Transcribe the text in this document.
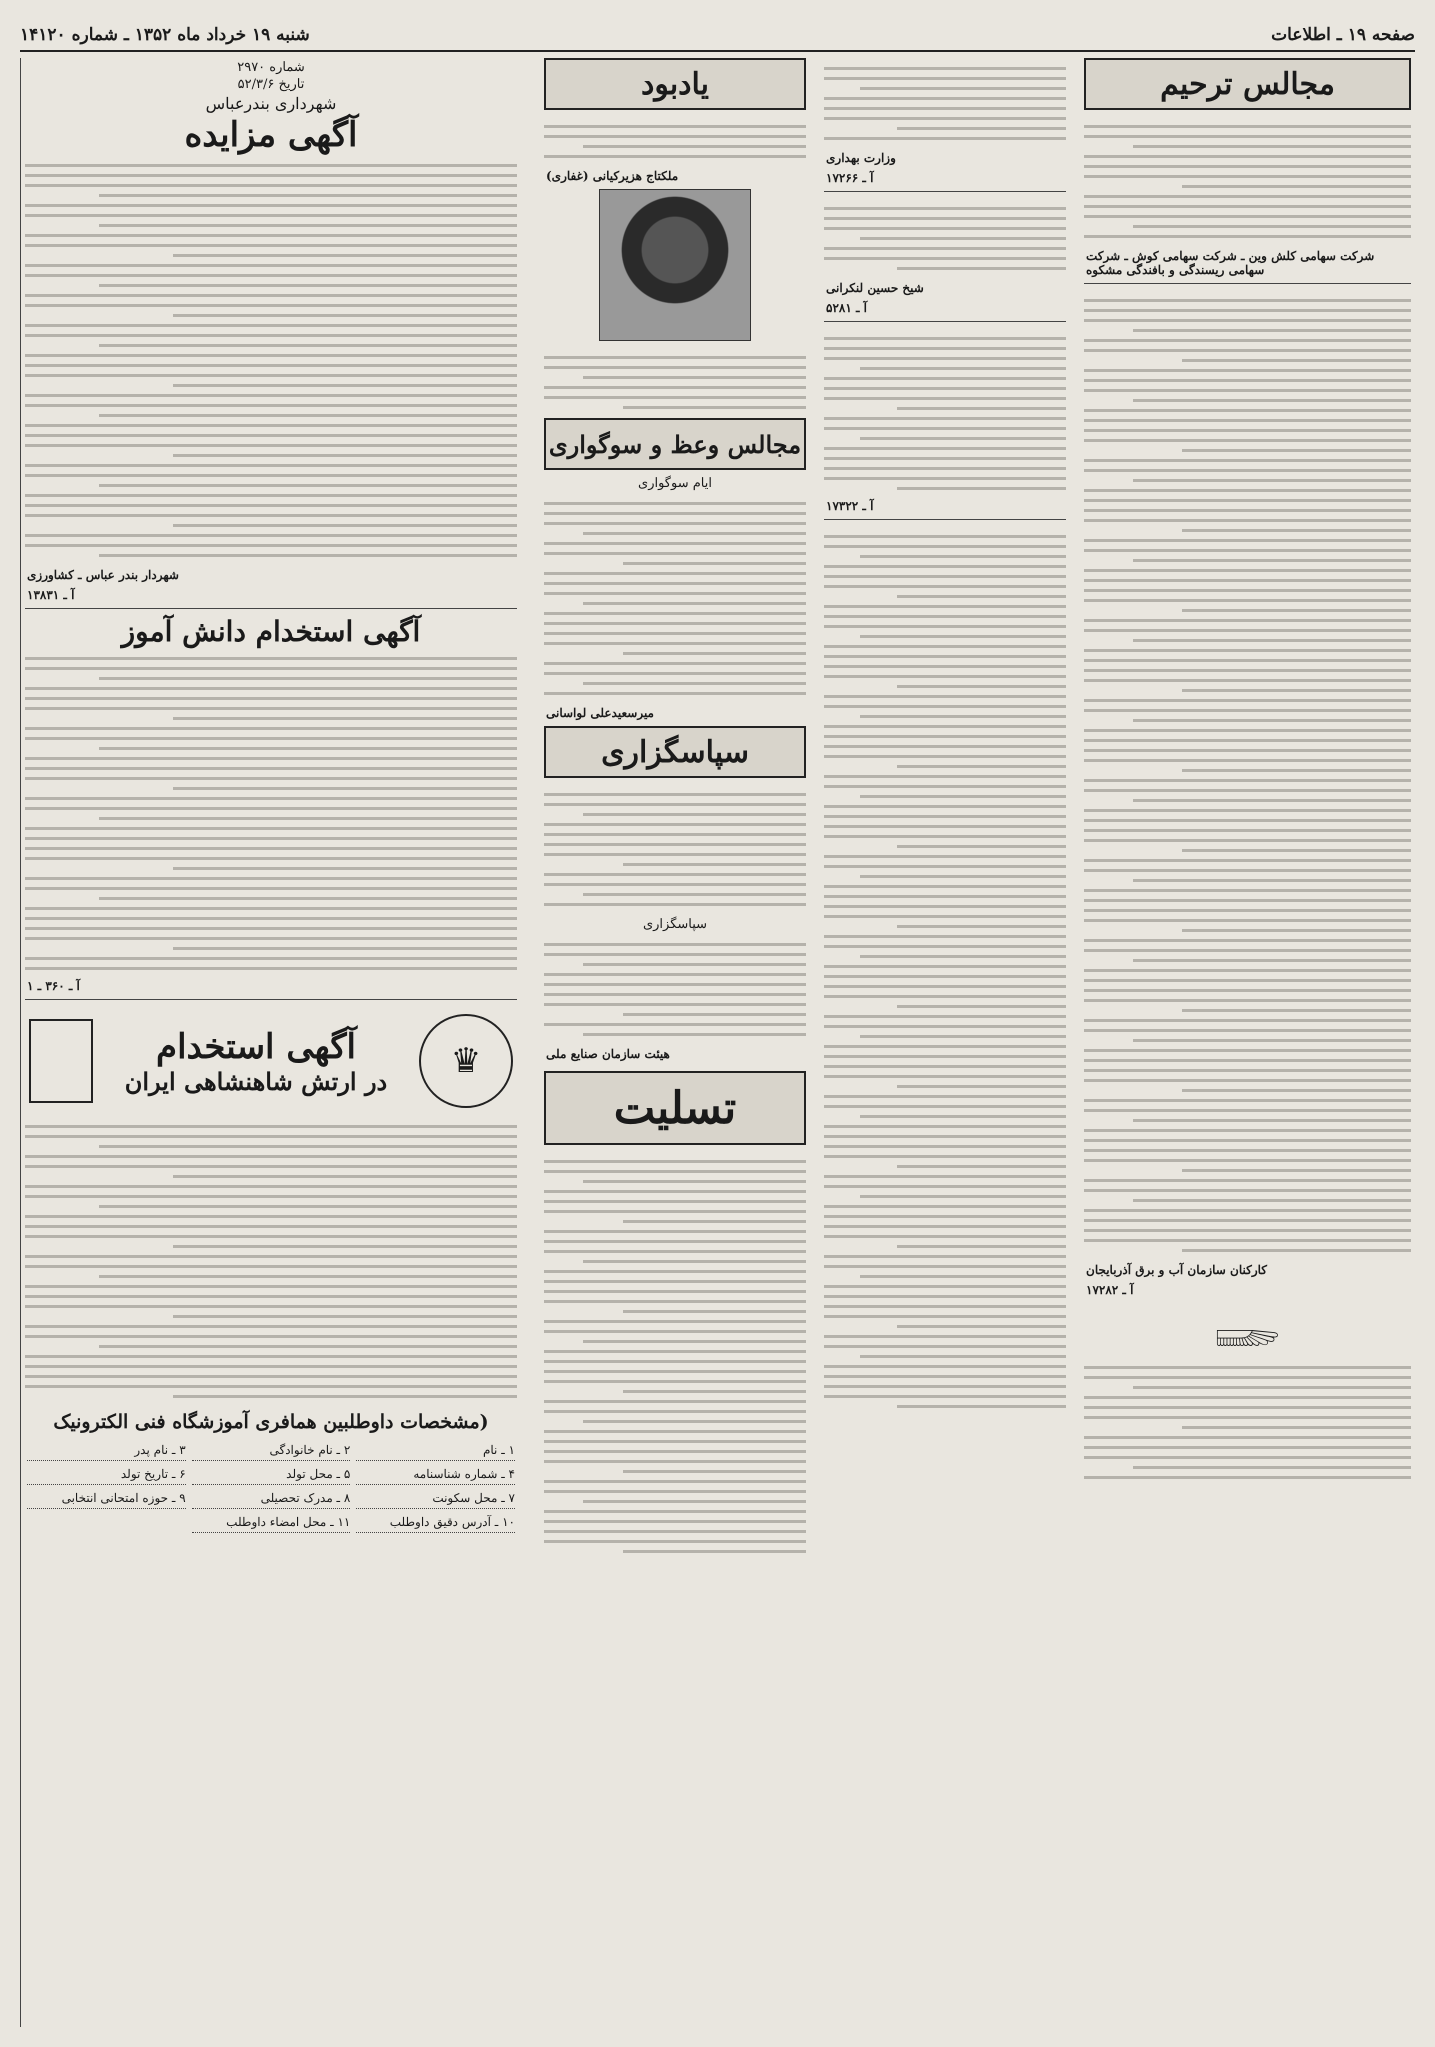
صفحه ۱۹ ـ اطلاعات
شنبه ۱۹ خرداد ماه ۱۳۵۲ ـ شماره ۱۴۱۲۰
شماره ۲۹۷۰
تاریخ ۵۲/۳/۶
شهرداری بندرعباس
آگهی مزایده
شهردار بندر عباس ـ کشاورزی
آ ـ ۱۳۸۳۱
آگهی استخدام دانش آموز
آ ـ ۳۶۰ ـ ۱
♛
آگهی استخدام
در ارتش شاهنشاهی ایران
(مشخصات داوطلبین همافری آموزشگاه فنی الکترونیک
۱ ـ نام
۲ ـ نام خانوادگی
۳ ـ نام پدر
۴ ـ شماره شناسنامه
۵ ـ محل تولد
۶ ـ تاریخ تولد
۷ ـ محل سکونت
۸ ـ مدرک تحصیلی
۹ ـ حوزه امتحانی انتخابی
۱۰ ـ آدرس دقیق داوطلب
۱۱ ـ محل امضاء داوطلب
یادبود
ملکتاج هزیرکیانی (غفاری)
مجالس وعظ و سوگواری
ایام سوگواری
میرسعیدعلی لواسانی
سپاسگزاری
سپاسگزاری
هیئت سازمان صنایع ملی
تسلیت
وزارت بهداری
آ ـ ۱۷۲۶۶
شیخ حسین لنکرانی
آ ـ ۵۲۸۱
آ ـ ۱۷۳۲۲
مجالس ترحیم
شرکت سهامی کلش وین ـ شرکت سهامی کوش ـ شرکت سهامی ریسندگی و بافندگی مشکوه
کارکنان سازمان آب و برق آذربایجان
آ ـ ۱۷۲۸۲
𓆃
